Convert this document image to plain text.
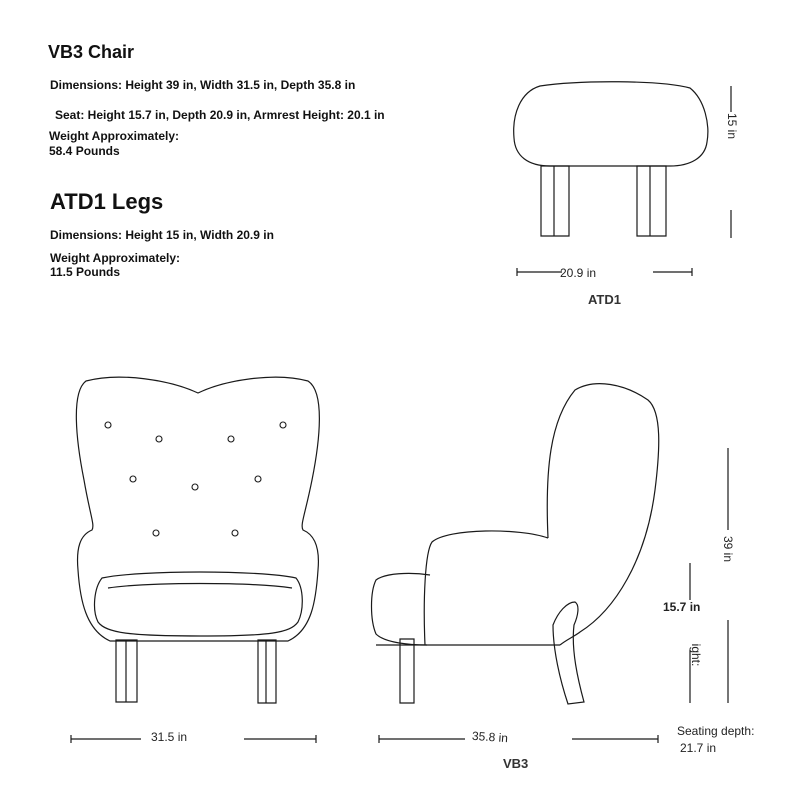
VB3 Chair
Dimensions: Height 39 in, Width 31.5 in, Depth 35.8 in
Seat: Height 15.7 in, Depth 20.9 in, Armrest Height: 20.1 in
Weight Approximately:
58.4 Pounds
ATD1 Legs
Dimensions: Height 15 in, Width 20.9 in
Weight Approximately:
11.5 Pounds
15 in
20.9 in
ATD1
31.5 in	35.8 in
39 in
15.7 in
ight:
Seating depth:
21.7 in
VB3
